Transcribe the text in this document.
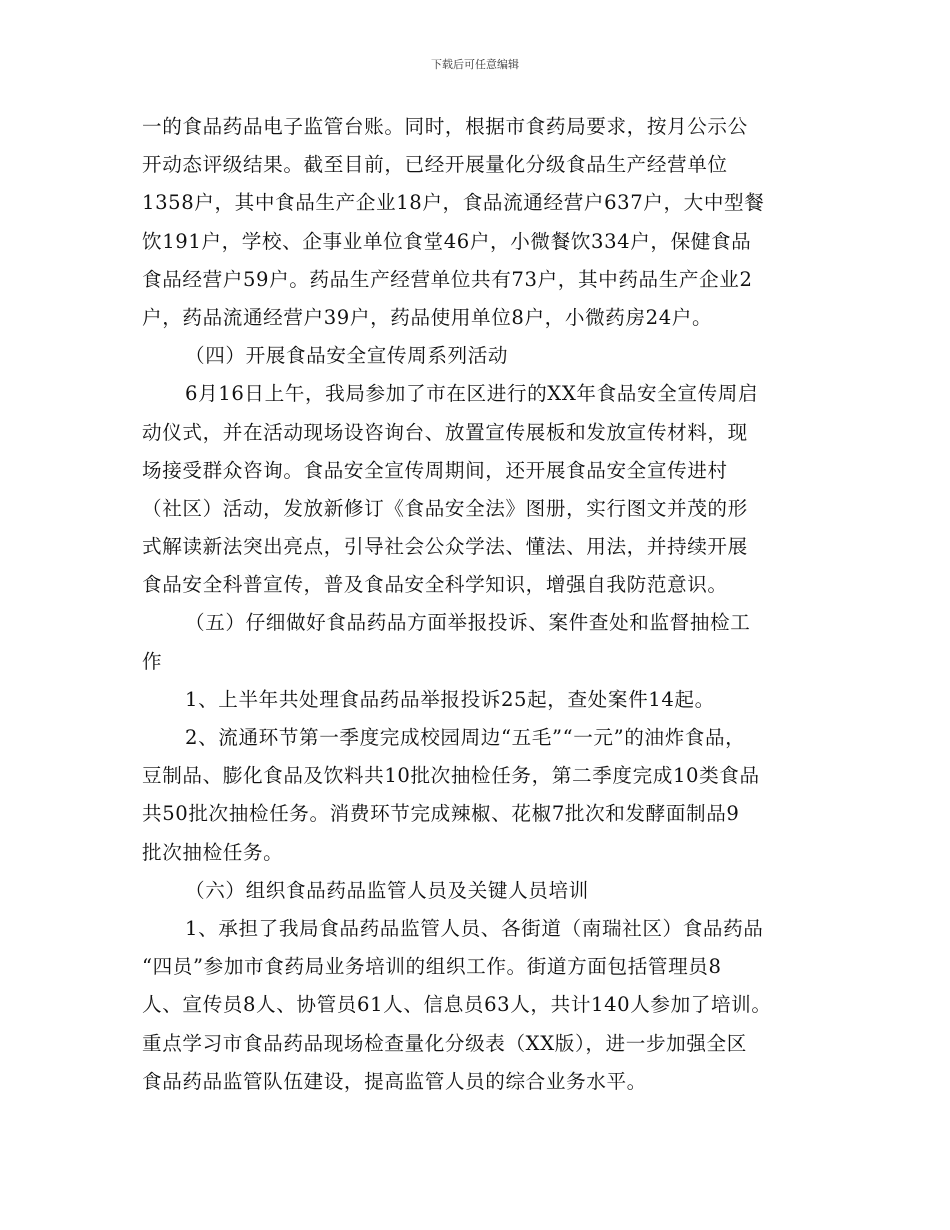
下载后可任意编辑
一的食品药品电子监管台账。同时，根据市食药局要求，按月公示公
开动态评级结果。截至目前，已经开展量化分级食品生产经营单位
1358户，其中食品生产企业18户，食品流通经营户637户，大中型餐
饮191户，学校、企事业单位食堂46户，小微餐饮334户，保健食品
食品经营户59户。药品生产经营单位共有73户，其中药品生产企业2
户，药品流通经营户39户，药品使用单位8户，小微药房24户。
（四）开展食品安全宣传周系列活动
6月16日上午，我局参加了市在区进行的XX年食品安全宣传周启
动仪式，并在活动现场设咨询台、放置宣传展板和发放宣传材料，现
场接受群众咨询。食品安全宣传周期间，还开展食品安全宣传进村
（社区）活动，发放新修订《食品安全法》图册，实行图文并茂的形
式解读新法突出亮点，引导社会公众学法、懂法、用法，并持续开展
食品安全科普宣传，普及食品安全科学知识，增强自我防范意识。
（五）仔细做好食品药品方面举报投诉、案件查处和监督抽检工
作
1、上半年共处理食品药品举报投诉25起，查处案件14起。
2、流通环节第一季度完成校园周边“五毛”“一元”的油炸食品，
豆制品、膨化食品及饮料共10批次抽检任务，第二季度完成10类食品
共50批次抽检任务。消费环节完成辣椒、花椒7批次和发酵面制品9
批次抽检任务。
（六）组织食品药品监管人员及关键人员培训
1、承担了我局食品药品监管人员、各街道（南瑞社区）食品药品
“四员”参加市食药局业务培训的组织工作。街道方面包括管理员8
人、宣传员8人、协管员61人、信息员63人，共计140人参加了培训。
重点学习市食品药品现场检查量化分级表（XX版），进一步加强全区
食品药品监管队伍建设，提高监管人员的综合业务水平。
